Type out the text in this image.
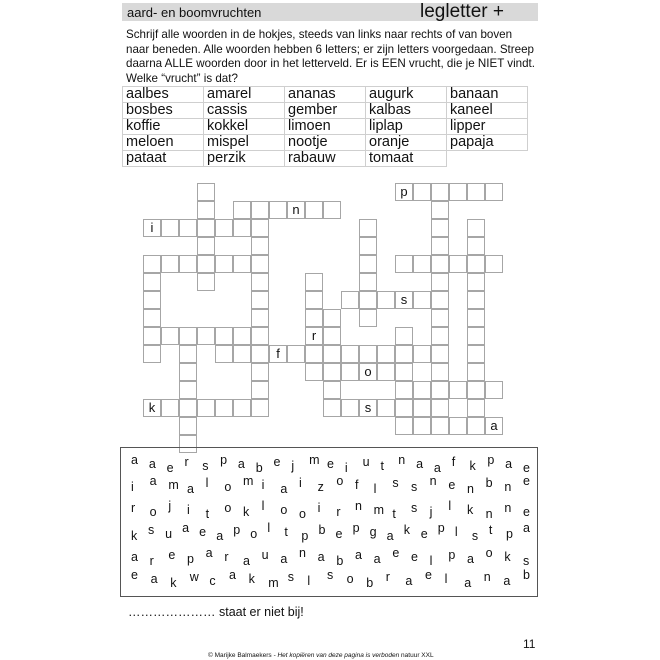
aard- en boomvruchten	legletter +
Schrijf alle woorden in de hokjes, steeds van links naar rechts of van boven naar beneden. Alle woorden hebben 6 letters; er zijn letters voorgedaan. Streep daarna ALLE woorden door in het letterveld. Er is EEN vrucht, die je NIET vindt. Welke “vrucht” is dat?
aalbes	amarel	ananas	augurk	banaan
bosbes	cassis	gember	kalbas	kaneel
koffie	kokkel	limoen	liplap	lipper
meloen	mispel	nootje	oranje	papaja
pataat	perzik	rabauw	tomaat	
p
n
i
s
f
o
k	s
a
r
a a e r s p a b e j m e i u t n a a f k p a e
i a m a l o m i a i z o f l s s n e n b n e
r o j i t o k l o o i r n m t s j l k n n e
k s u a e a p o l t p b e p g a k e p l s t p a
a r e p a r a u a n a b a a e e l p a o k s
e a k w c a k m s l s o b r a e l a n a b
………………… staat er niet bij!
11
© Marijke Balmaekers - Het kopiëren van deze pagina is verboden natuur XXL
